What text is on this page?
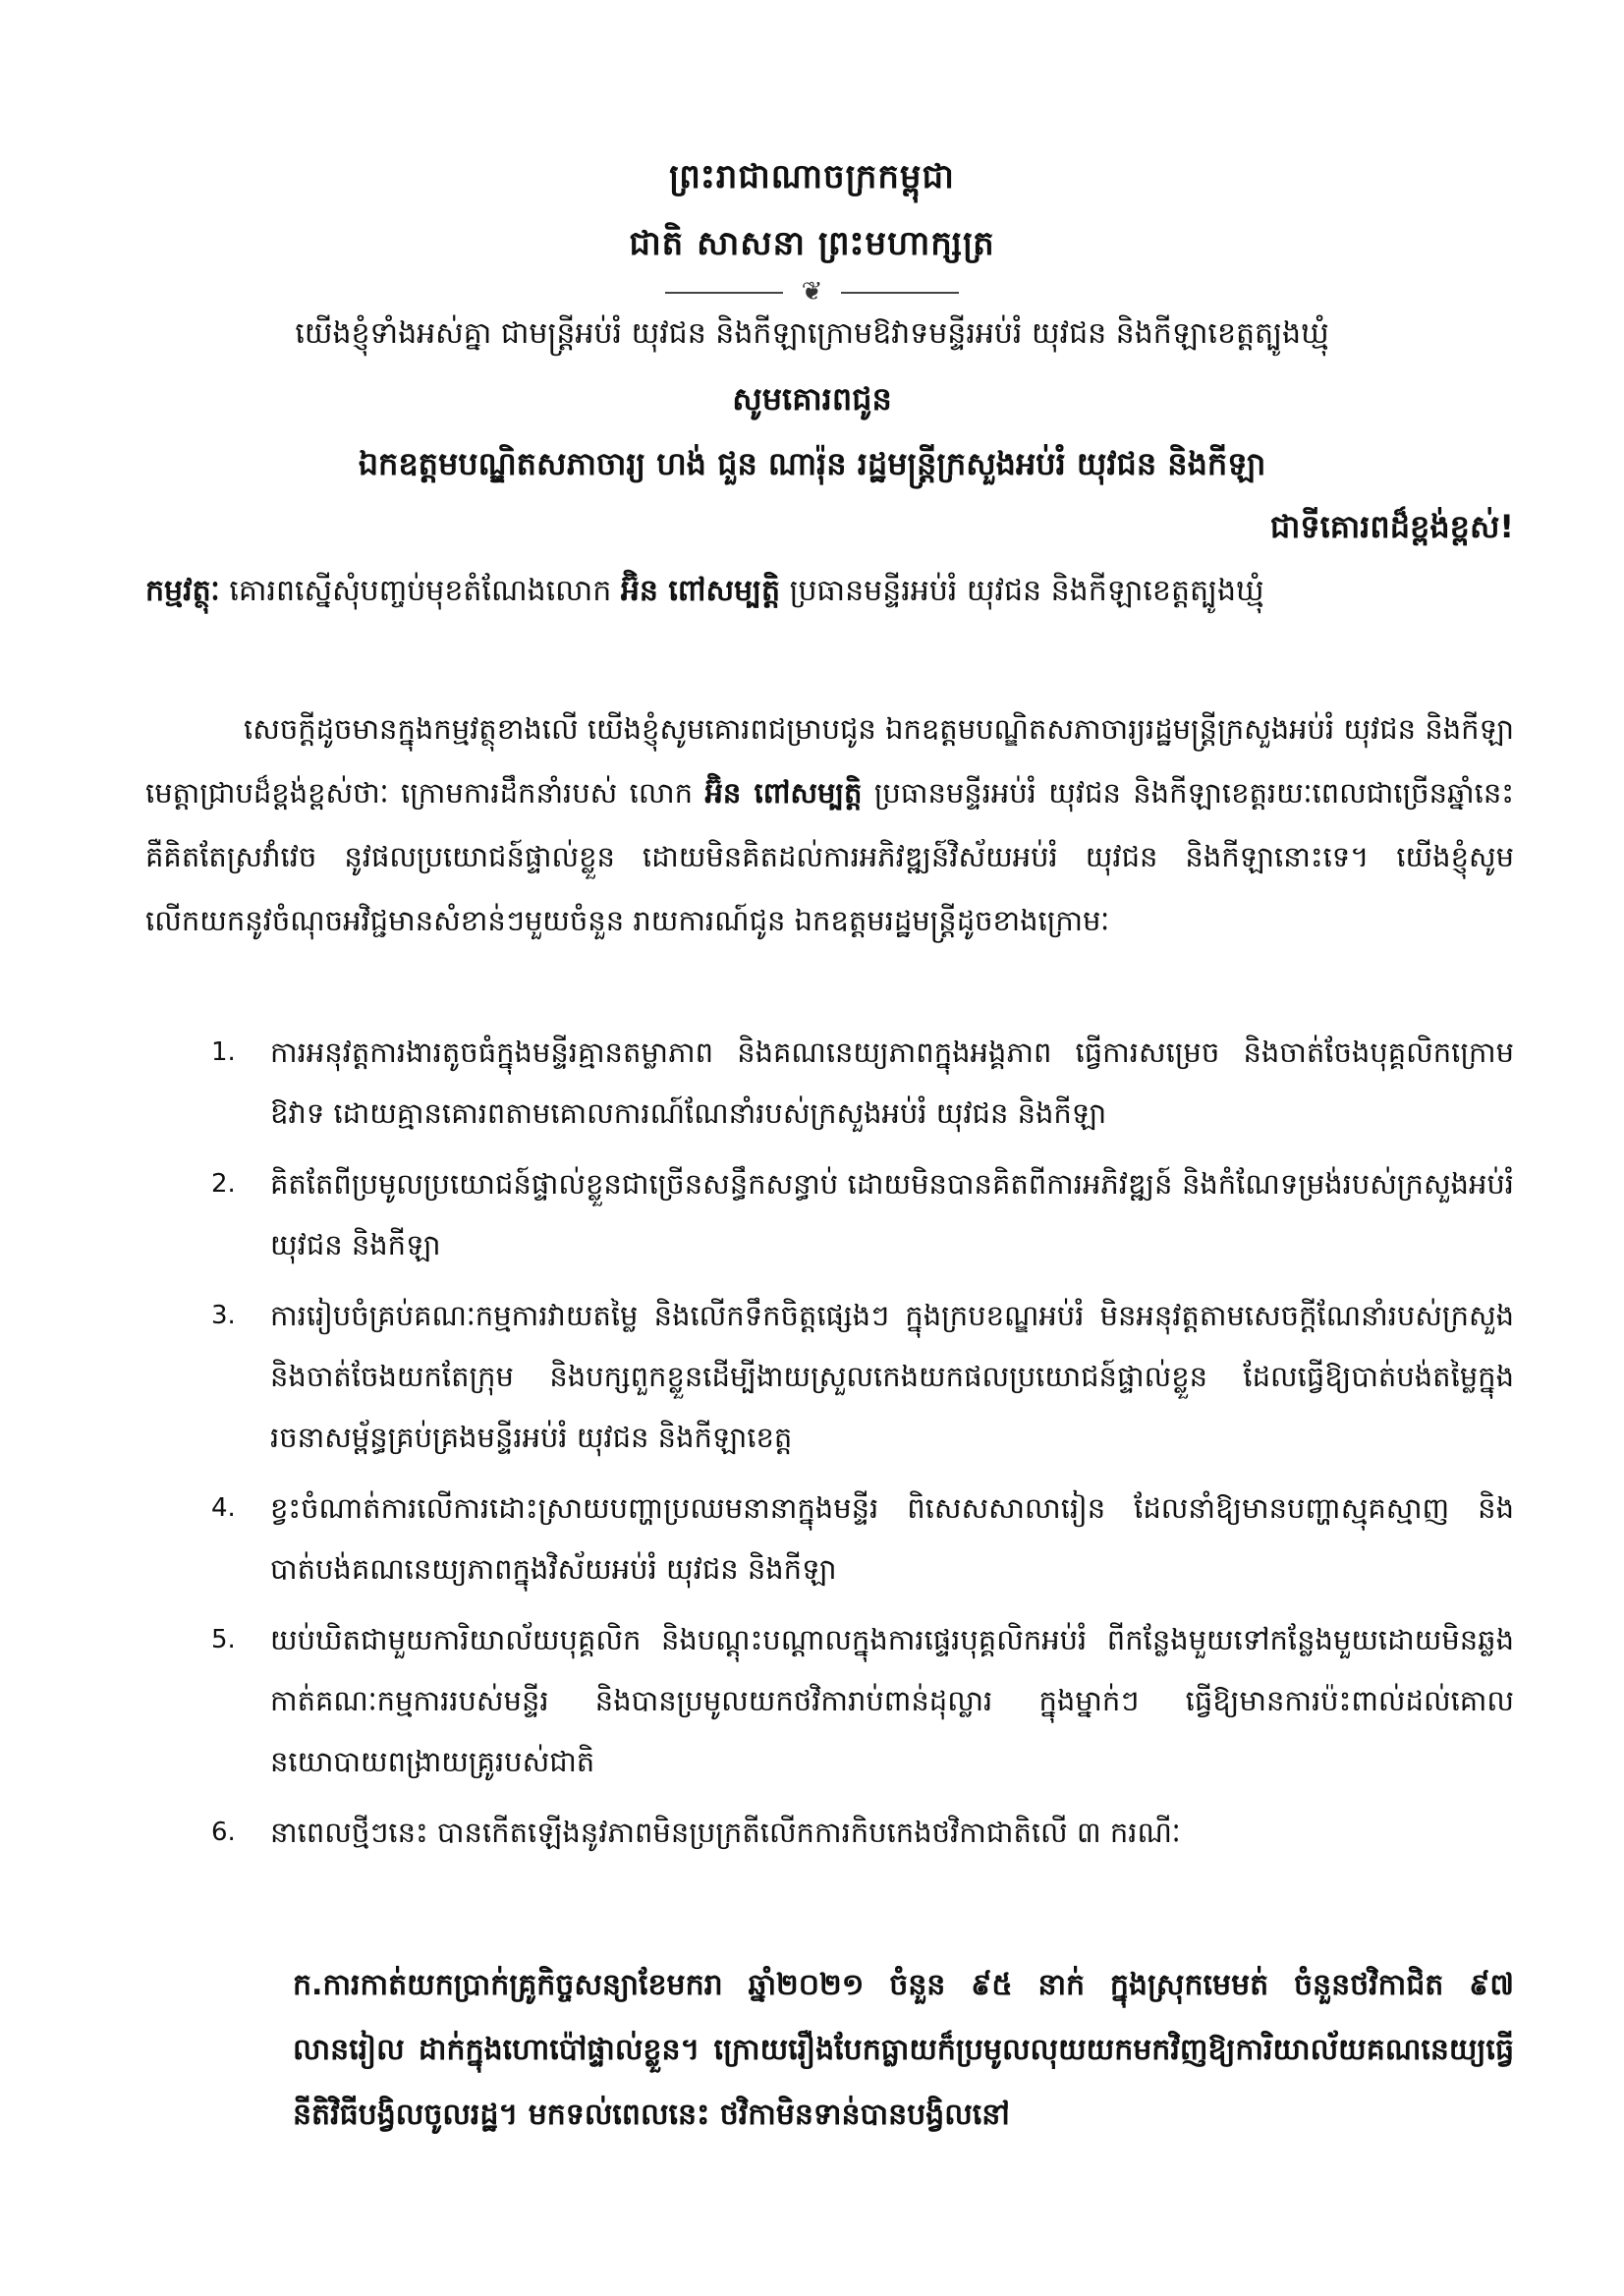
ព្រះរាជាណាចក្រកម្ពុជា
ជាតិ សាសនា ព្រះមហាក្សត្រ
❦
យើងខ្ញុំទាំងអស់គ្នា ជាមន្ត្រីអប់រំ យុវជន និងកីឡាក្រោមឱវាទមន្ទីរអប់រំ យុវជន និងកីឡាខេត្តត្បូងឃ្មុំ
សូមគោរពជូន
ឯកឧត្តមបណ្ឌិតសភាចារ្យ ហង់ ជួន ណារ៉ុន រដ្ឋមន្ត្រីក្រសួងអប់រំ យុវជន និងកីឡា
ជាទីគោរពដ៏ខ្ពង់ខ្ពស់!
កម្មវត្ថុៈ គោរពស្នើសុំបញ្ចប់មុខតំណែងលោក អ៊ិន ពៅសម្បត្តិ ប្រធានមន្ទីរអប់រំ យុវជន និងកីឡាខេត្តត្បូងឃ្មុំ
សេចក្ដីដូចមានក្នុងកម្មវត្ថុខាងលើ យើងខ្ញុំសូមគោរពជម្រាបជូន ឯកឧត្តមបណ្ឌិតសភាចារ្យរដ្ឋមន្ត្រីក្រសួងអប់រំ យុវជន និងកីឡា មេត្តាជ្រាបដ៏ខ្ពង់ខ្ពស់ថាៈ ក្រោមការដឹកនាំរបស់ លោក អ៊ិន ពៅសម្បត្តិ ប្រធានមន្ទីរអប់រំ យុវជន និងកីឡាខេត្តរយៈពេលជាច្រើនឆ្នាំនេះ គឺគិតតែស្រវាំវេច នូវផលប្រយោជន៍ផ្ទាល់ខ្លួន ដោយមិនគិតដល់ការអភិវឌ្ឍន៍វិស័យអប់រំ យុវជន និងកីឡានោះទេ។ យើងខ្ញុំសូមលើកយកនូវចំណុចអវិជ្ជមានសំខាន់ៗមួយចំនួន រាយការណ៍ជូន ឯកឧត្តមរដ្ឋមន្ត្រីដូចខាងក្រោមៈ
1.	ការអនុវត្តការងារតូចធំក្នុងមន្ទីរគ្មានតម្លាភាព និងគណនេយ្យភាពក្នុងអង្គភាព ធ្វើការសម្រេច និងចាត់ចែងបុគ្គលិកក្រោមឱវាទ ដោយគ្មានគោរពតាមគោលការណ៍ណែនាំរបស់ក្រសួងអប់រំ យុវជន និងកីឡា
2.	គិតតែពីប្រមូលប្រយោជន៍ផ្ទាល់ខ្លួនជាច្រើនសន្ធឹកសន្ធាប់ ដោយមិនបានគិតពីការអភិវឌ្ឍន៍ និងកំណែទម្រង់របស់ក្រសួងអប់រំ យុវជន និងកីឡា
3.	ការរៀបចំគ្រប់គណៈកម្មការវាយតម្លៃ និងលើកទឹកចិត្តផ្សេងៗ ក្នុងក្របខណ្ឌអប់រំ មិនអនុវត្តតាមសេចក្តីណែនាំរបស់ក្រសួង និងចាត់ចែងយកតែក្រុម និងបក្សពួកខ្លួនដើម្បីងាយស្រួលកេងយកផលប្រយោជន៍ផ្ទាល់ខ្លួន ដែលធ្វើឱ្យបាត់បង់តម្លៃក្នុងរចនាសម្ព័ន្ធគ្រប់គ្រងមន្ទីរអប់រំ យុវជន និងកីឡាខេត្ត
4.	ខ្វះចំណាត់ការលើការដោះស្រាយបញ្ហាប្រឈមនានាក្នុងមន្ទីរ ពិសេសសាលារៀន ដែលនាំឱ្យមានបញ្ហាស្មុគស្មាញ និងបាត់បង់គណនេយ្យភាពក្នុងវិស័យអប់រំ យុវជន និងកីឡា
5.	យប់ឃិតជាមួយការិយាល័យបុគ្គលិក និងបណ្ដុះបណ្ដាលក្នុងការផ្ទេរបុគ្គលិកអប់រំ ពីកន្លែងមួយទៅកន្លែងមួយដោយមិនឆ្លងកាត់គណៈកម្មការរបស់មន្ទីរ និងបានប្រមូលយកថវិការាប់ពាន់ដុល្លារ ក្នុងម្នាក់ៗ ធ្វើឱ្យមានការប៉ះពាល់ដល់គោលនយោបាយពង្រាយគ្រូរបស់ជាតិ
6.	នាពេលថ្មីៗនេះ បានកើតឡើងនូវភាពមិនប្រក្រតីលើកការកិបកេងថវិកាជាតិលើ ៣ ករណីៈ
ក.ការកាត់យកប្រាក់គ្រូកិច្ចសន្យាខែមករា ឆ្នាំ២០២១ ចំនួន ៩៥ នាក់ ក្នុងស្រុកមេមត់ ចំនួនថវិកាជិត ៩៧ លានរៀល ដាក់ក្នុងហោប៉ៅផ្ទាល់ខ្លួន។ ក្រោយរឿងបែកធ្លាយក៏ប្រមូលលុយយកមកវិញឱ្យការិយាល័យគណនេយ្យធ្វើនីតិវិធីបង្វិលចូលរដ្ឋ។ មកទល់ពេលនេះ ថវិកាមិនទាន់បានបង្វិលនៅ
